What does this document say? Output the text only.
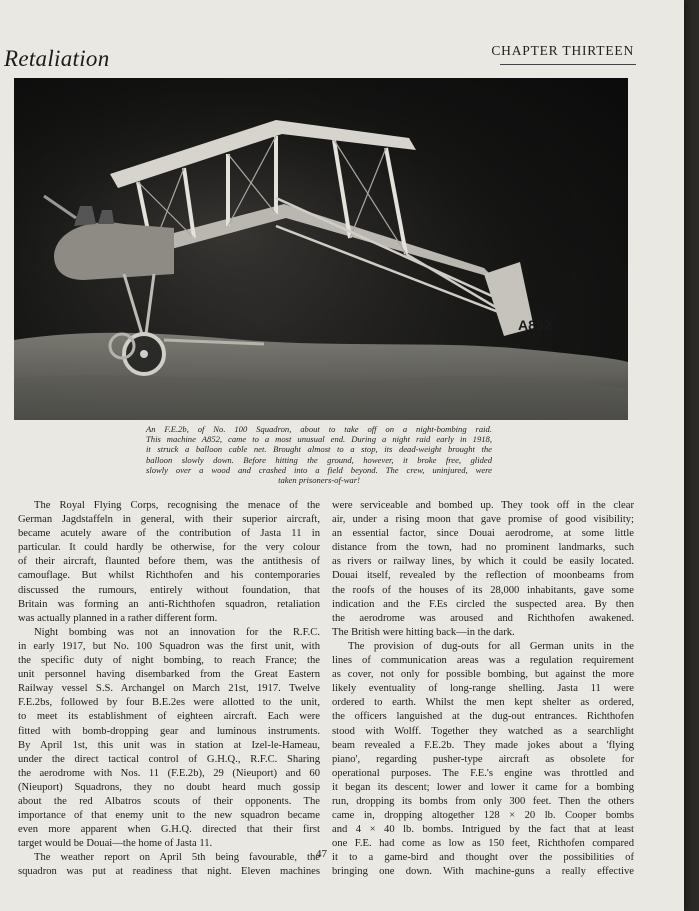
Retaliation	CHAPTER THIRTEEN
A852
An F.E.2b, of No. 100 Squadron, about to take off on a night-bombing raid.
This machine A852, came to a most unusual end. During a night raid early in 1918,
it struck a balloon cable net. Brought almost to a stop, its dead-weight brought the
balloon slowly down. Before hitting the ground, however, it broke free, glided
slowly over a wood and crashed into a field beyond. The crew, uninjured, were
taken prisoners-of-war!
The Royal Flying Corps, recognising the menace of the
German Jagdstaffeln in general, with their superior aircraft,
became acutely aware of the contribution of Jasta 11 in
particular. It could hardly be otherwise, for the very colour
of their aircraft, flaunted before them, was the antithesis of
camouflage. But whilst Richthofen and his contemporaries
discussed the rumours, entirely without foundation, that
Britain was forming an anti-Richthofen squadron, retaliation
was actually planned in a rather different form.
Night bombing was not an innovation for the R.F.C.
in early 1917, but No. 100 Squadron was the first unit, with
the specific duty of night bombing, to reach France; the
unit personnel having disembarked from the Great Eastern
Railway vessel S.S. Archangel on March 21st, 1917. Twelve
F.E.2bs, followed by four B.E.2es were allotted to the unit,
to meet its establishment of eighteen aircraft. Each were
fitted with bomb-dropping gear and luminous instruments.
By April 1st, this unit was in station at Izel-le-Hameau,
under the direct tactical control of G.H.Q., R.F.C. Sharing
the aerodrome with Nos. 11 (F.E.2b), 29 (Nieuport) and 60
(Nieuport) Squadrons, they no doubt heard much gossip
about the red Albatros scouts of their opponents. The
importance of that enemy unit to the new squadron became
even more apparent when G.H.Q. directed that their first
target would be Douai—the home of Jasta 11.
The weather report on April 5th being favourable, the
squadron was put at readiness that night. Eleven machines
were serviceable and bombed up. They took off in the clear
air, under a rising moon that gave promise of good visibility;
an essential factor, since Douai aerodrome, at some little
distance from the town, had no prominent landmarks, such
as rivers or railway lines, by which it could be easily located.
Douai itself, revealed by the reflection of moonbeams from
the roofs of the houses of its 28,000 inhabitants, gave some
indication and the F.Es circled the suspected area. By then
the aerodrome was aroused and Richthofen awakened.
The British were hitting back—in the dark.
The provision of dug-outs for all German units in the
lines of communication areas was a regulation requirement
as cover, not only for possible bombing, but against the more
likely eventuality of long-range shelling. Jasta 11 were
ordered to earth. Whilst the men kept shelter as ordered,
the officers languished at the dug-out entrances. Richthofen
stood with Wolff. Together they watched as a searchlight
beam revealed a F.E.2b. They made jokes about a 'flying
piano', regarding pusher-type aircraft as obsolete for
operational purposes. The F.E.'s engine was throttled and
it began its descent; lower and lower it came for a bombing
run, dropping its bombs from only 300 feet. Then the others
came in, dropping altogether 128 × 20 lb. Cooper bombs
and 4 × 40 lb. bombs. Intrigued by the fact that at least
one F.E. had come as low as 150 feet, Richthofen compared
it to a game-bird and thought over the possibilities of
bringing one down. With machine-guns a really effective
47
